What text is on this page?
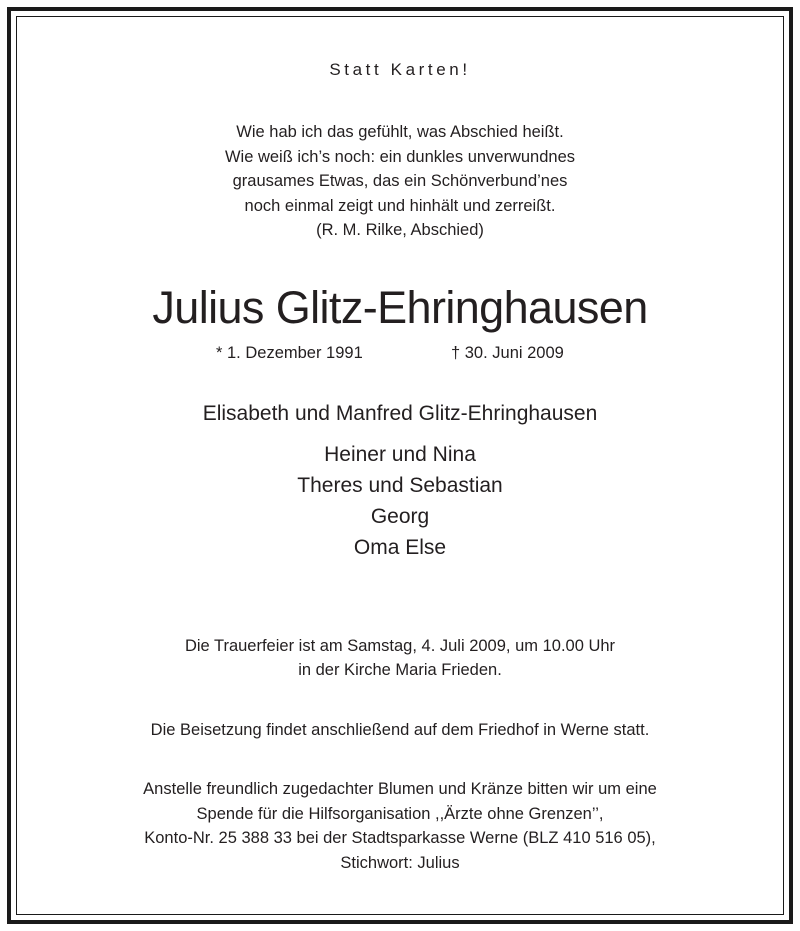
Statt Karten!
Wie hab ich das gefühlt, was Abschied heißt.
Wie weiß ich’s noch: ein dunkles unverwundnes
grausames Etwas, das ein Schönverbund’nes
noch einmal zeigt und hinhält und zerreißt.
(R. M. Rilke, Abschied)
Julius Glitz-Ehringhausen
* 1. Dezember 1991	† 30. Juni 2009
Elisabeth und Manfred Glitz-Ehringhausen
Heiner und Nina
Theres und Sebastian
Georg
Oma Else
Die Trauerfeier ist am Samstag, 4. Juli 2009, um 10.00 Uhr
in der Kirche Maria Frieden.
Die Beisetzung findet anschließend auf dem Friedhof in Werne statt.
Anstelle freundlich zugedachter Blumen und Kränze bitten wir um eine
Spende für die Hilfsorganisation ,,Ärzte ohne Grenzen’’,
Konto-Nr. 25 388 33 bei der Stadtsparkasse Werne (BLZ 410 516 05),
Stichwort: Julius
